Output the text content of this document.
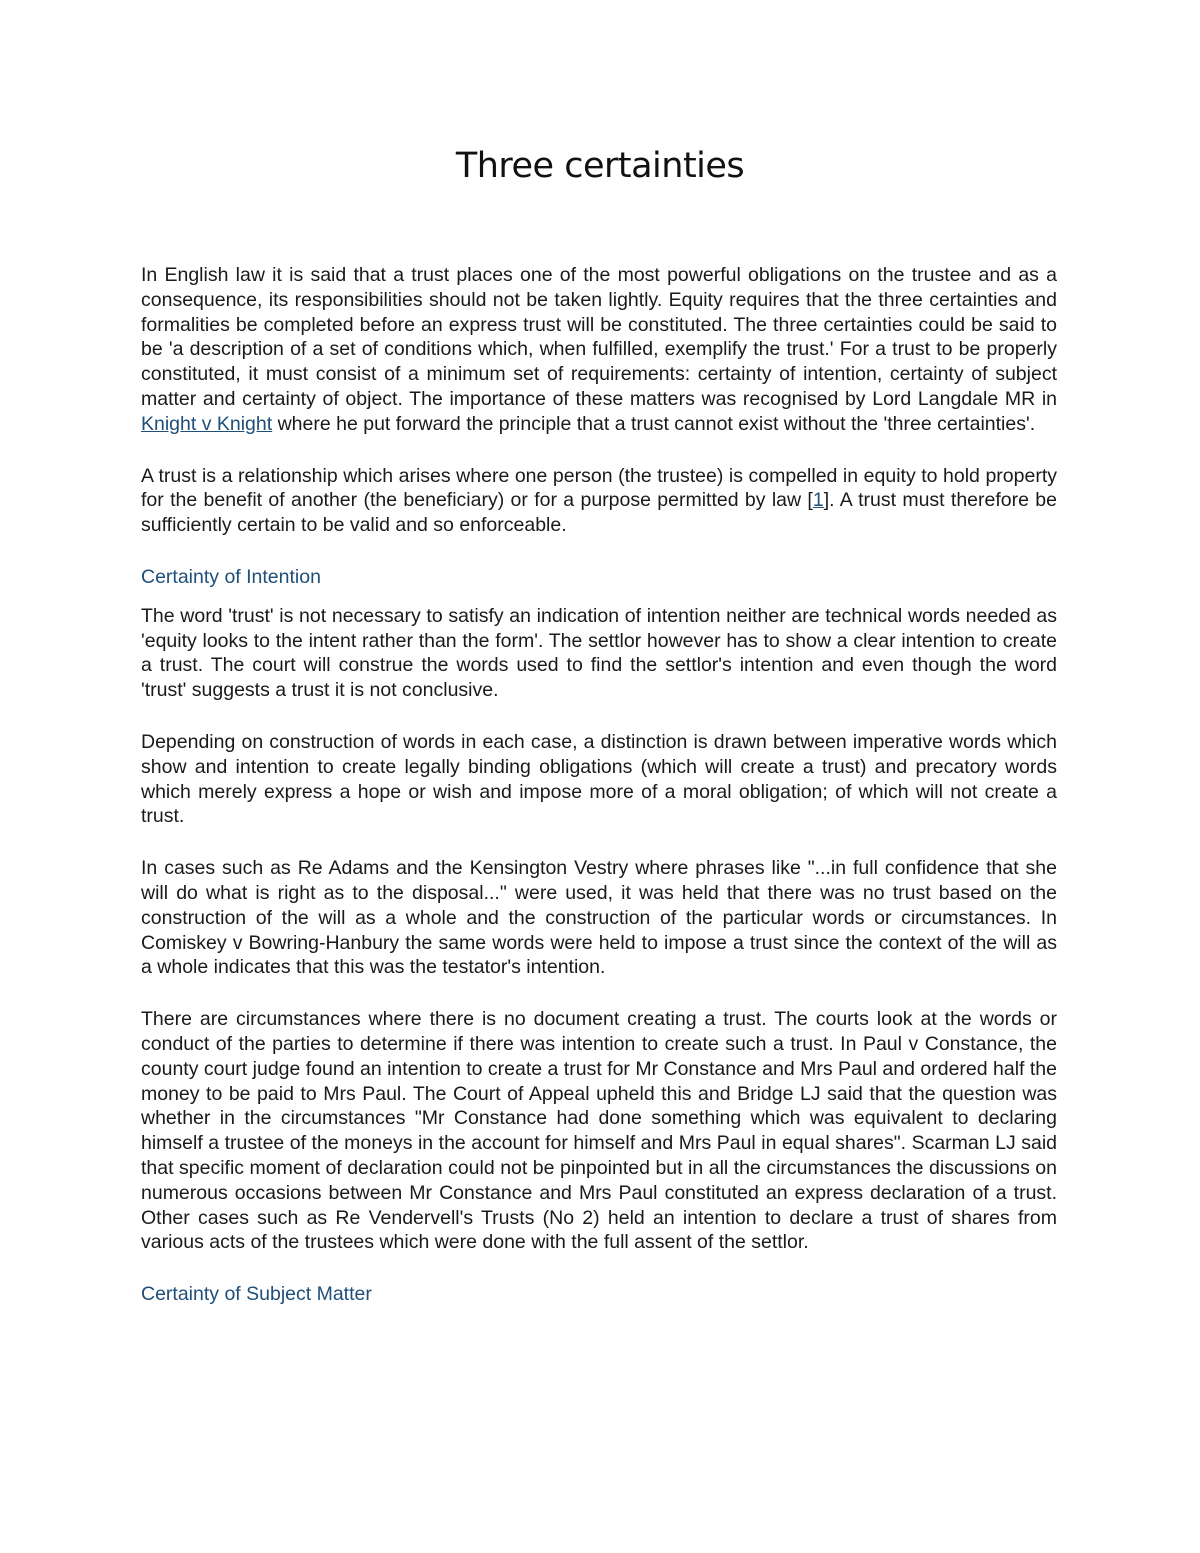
Three certainties

In English law it is said that a trust places one of the most powerful obligations on the trustee and as a consequence, its responsibilities should not be taken lightly. Equity requires that the three certainties and formalities be completed before an express trust will be constituted. The three certainties could be said to be 'a description of a set of conditions which, when fulfilled, exemplify the trust.' For a trust to be properly constituted, it must consist of a minimum set of requirements: certainty of intention, certainty of subject matter and certainty of object. The importance of these matters was recognised by Lord Langdale MR in Knight v Knight where he put forward the principle that a trust cannot exist without the 'three certainties'.

A trust is a relationship which arises where one person (the trustee) is compelled in equity to hold property for the benefit of another (the beneficiary) or for a purpose permitted by law [1]. A trust must therefore be sufficiently certain to be valid and so enforceable.

Certainty of Intention

The word 'trust' is not necessary to satisfy an indication of intention neither are technical words needed as 'equity looks to the intent rather than the form'. The settlor however has to show a clear intention to create a trust. The court will construe the words used to find the settlor's intention and even though the word 'trust' suggests a trust it is not conclusive.

Depending on construction of words in each case, a distinction is drawn between imperative words which show and intention to create legally binding obligations (which will create a trust) and precatory words which merely express a hope or wish and impose more of a moral obligation; of which will not create a trust.

In cases such as Re Adams and the Kensington Vestry where phrases like "...in full confidence that she will do what is right as to the disposal..." were used, it was held that there was no trust based on the construction of the will as a whole and the construction of the particular words or circumstances. In Comiskey v Bowring-Hanbury the same words were held to impose a trust since the context of the will as a whole indicates that this was the testator's intention.

There are circumstances where there is no document creating a trust. The courts look at the words or conduct of the parties to determine if there was intention to create such a trust. In Paul v Constance, the county court judge found an intention to create a trust for Mr Constance and Mrs Paul and ordered half the money to be paid to Mrs Paul. The Court of Appeal upheld this and Bridge LJ said that the question was whether in the circumstances "Mr Constance had done something which was equivalent to declaring himself a trustee of the moneys in the account for himself and Mrs Paul in equal shares". Scarman LJ said that specific moment of declaration could not be pinpointed but in all the circumstances the discussions on numerous occasions between Mr Constance and Mrs Paul constituted an express declaration of a trust. Other cases such as Re Vendervell's Trusts (No 2) held an intention to declare a trust of shares from various acts of the trustees which were done with the full assent of the settlor.

Certainty of Subject Matter
